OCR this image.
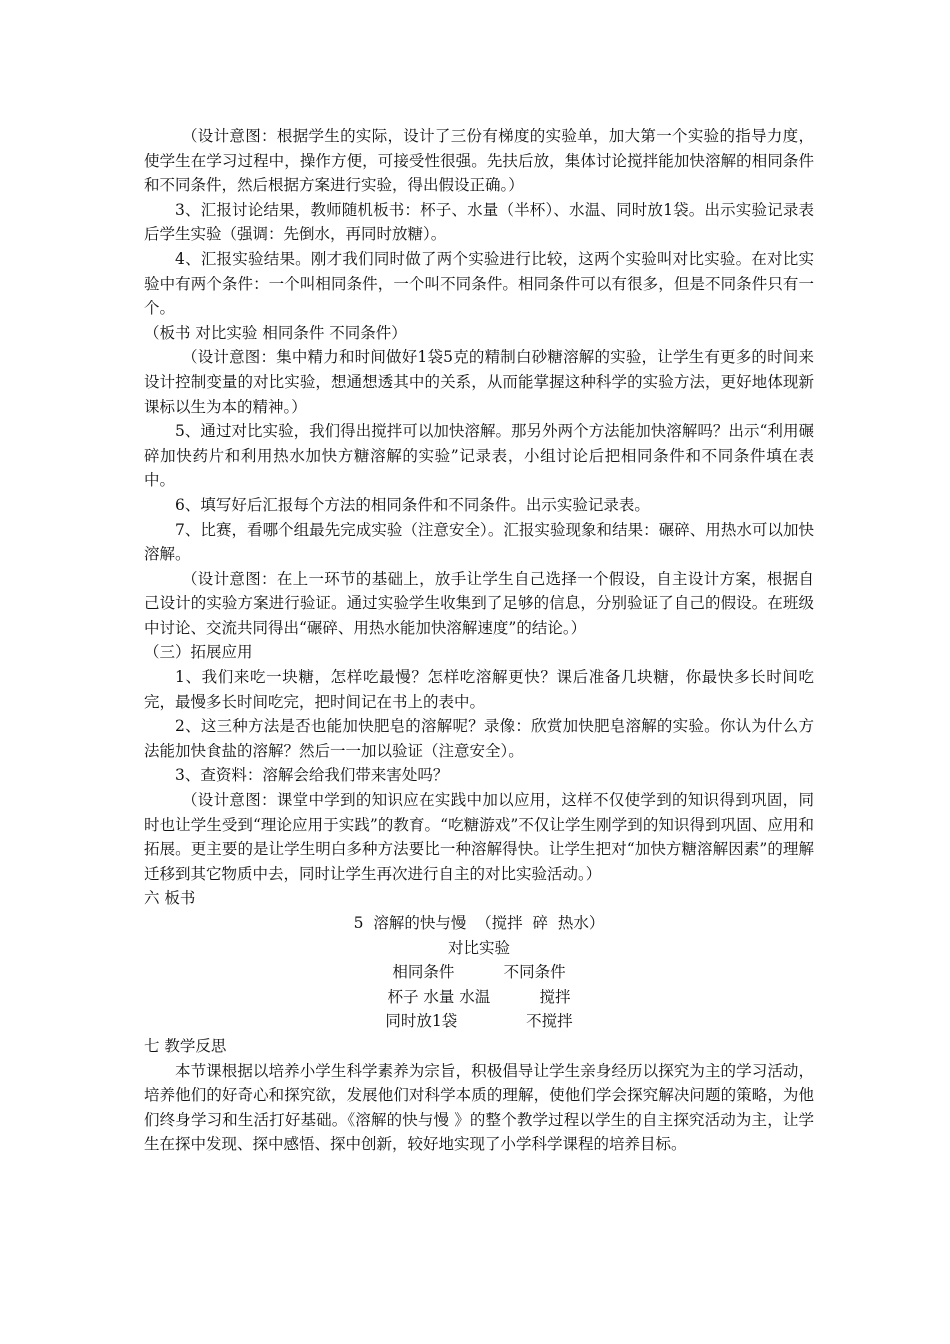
（设计意图：根据学生的实际，设计了三份有梯度的实验单，加大第一个实验的指导力度，使学生在学习过程中，操作方便，可接受性很强。先扶后放，集体讨论搅拌能加快溶解的相同条件和不同条件，然后根据方案进行实验，得出假设正确。）

3、汇报讨论结果，教师随机板书：杯子、水量（半杯）、水温、同时放1袋。出示实验记录表后学生实验（强调：先倒水，再同时放糖）。

4、汇报实验结果。刚才我们同时做了两个实验进行比较，这两个实验叫对比实验。在对比实验中有两个条件：一个叫相同条件，一个叫不同条件。相同条件可以有很多，但是不同条件只有一个。

（板书 对比实验 相同条件 不同条件）

（设计意图：集中精力和时间做好1袋5克的精制白砂糖溶解的实验，让学生有更多的时间来设计控制变量的对比实验，想通想透其中的关系，从而能掌握这种科学的实验方法，更好地体现新课标以生为本的精神。）

5、通过对比实验，我们得出搅拌可以加快溶解。那另外两个方法能加快溶解吗？出示“利用碾碎加快药片和利用热水加快方糖溶解的实验”记录表，小组讨论后把相同条件和不同条件填在表中。

6、填写好后汇报每个方法的相同条件和不同条件。出示实验记录表。

7、比赛，看哪个组最先完成实验（注意安全）。汇报实验现象和结果：碾碎、用热水可以加快溶解。

（设计意图：在上一环节的基础上，放手让学生自己选择一个假设，自主设计方案，根据自己设计的实验方案进行验证。通过实验学生收集到了足够的信息，分别验证了自己的假设。在班级中讨论、交流共同得出“碾碎、用热水能加快溶解速度”的结论。）

（三）拓展应用

1、我们来吃一块糖，怎样吃最慢？怎样吃溶解更快？课后准备几块糖，你最快多长时间吃完，最慢多长时间吃完，把时间记在书上的表中。

2、这三种方法是否也能加快肥皂的溶解呢？录像：欣赏加快肥皂溶解的实验。你认为什么方法能加快食盐的溶解？然后一一加以验证（注意安全）。

3、查资料：溶解会给我们带来害处吗？

（设计意图：课堂中学到的知识应在实践中加以应用，这样不仅使学到的知识得到巩固，同时也让学生受到“理论应用于实践”的教育。“吃糖游戏”不仅让学生刚学到的知识得到巩固、应用和拓展。更主要的是让学生明白多种方法要比一种溶解得快。让学生把对“加快方糖溶解因素”的理解迁移到其它物质中去，同时让学生再次进行自主的对比实验活动。）

六 板书

5  溶解的快与慢  （搅拌  碎  热水）
对比实验
相同条件          不同条件
杯子 水量 水温          搅拌
同时放1袋              不搅拌

七 教学反思

本节课根据以培养小学生科学素养为宗旨，积极倡导让学生亲身经历以探究为主的学习活动，培养他们的好奇心和探究欲，发展他们对科学本质的理解，使他们学会探究解决问题的策略，为他们终身学习和生活打好基础。《溶解的快与慢 》的整个教学过程以学生的自主探究活动为主，让学生在探中发现、探中感悟、探中创新，较好地实现了小学科学课程的培养目标。
